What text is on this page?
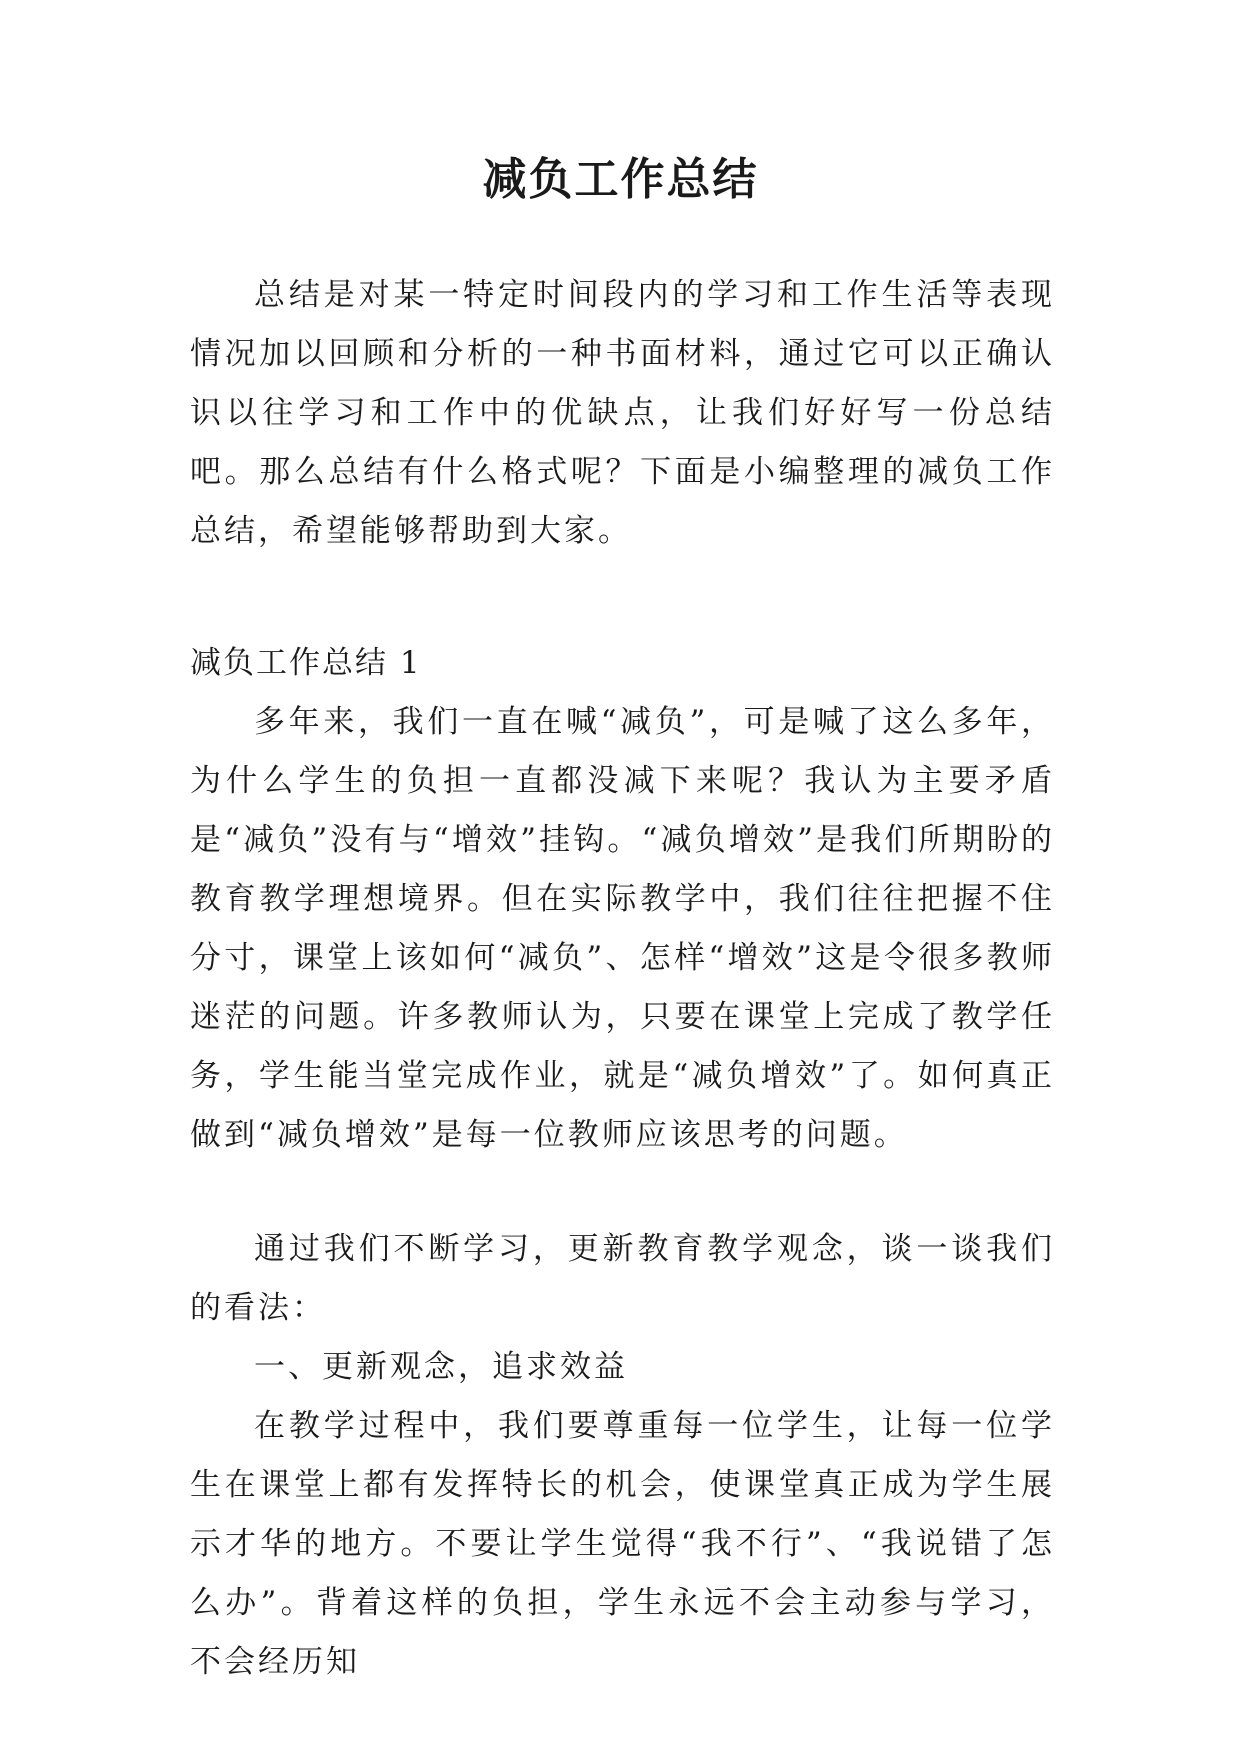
减负工作总结

总结是对某一特定时间段内的学习和工作生活等表现情况加以回顾和分析的一种书面材料，通过它可以正确认识以往学习和工作中的优缺点，让我们好好写一份总结吧。那么总结有什么格式呢？下面是小编整理的减负工作总结，希望能够帮助到大家。

减负工作总结 1

多年来，我们一直在喊“减负”，可是喊了这么多年，为什么学生的负担一直都没减下来呢？我认为主要矛盾是“减负”没有与“增效”挂钩。“减负增效”是我们所期盼的教育教学理想境界。但在实际教学中，我们往往把握不住分寸，课堂上该如何“减负”、怎样“增效”这是令很多教师迷茫的问题。许多教师认为，只要在课堂上完成了教学任务，学生能当堂完成作业，就是“减负增效”了。如何真正做到“减负增效”是每一位教师应该思考的问题。

通过我们不断学习，更新教育教学观念，谈一谈我们的看法：

一、更新观念，追求效益

在教学过程中，我们要尊重每一位学生，让每一位学生在课堂上都有发挥特长的机会，使课堂真正成为学生展示才华的地方。不要让学生觉得“我不行”、“我说错了怎么办”。背着这样的负担，学生永远不会主动参与学习，不会经历知
